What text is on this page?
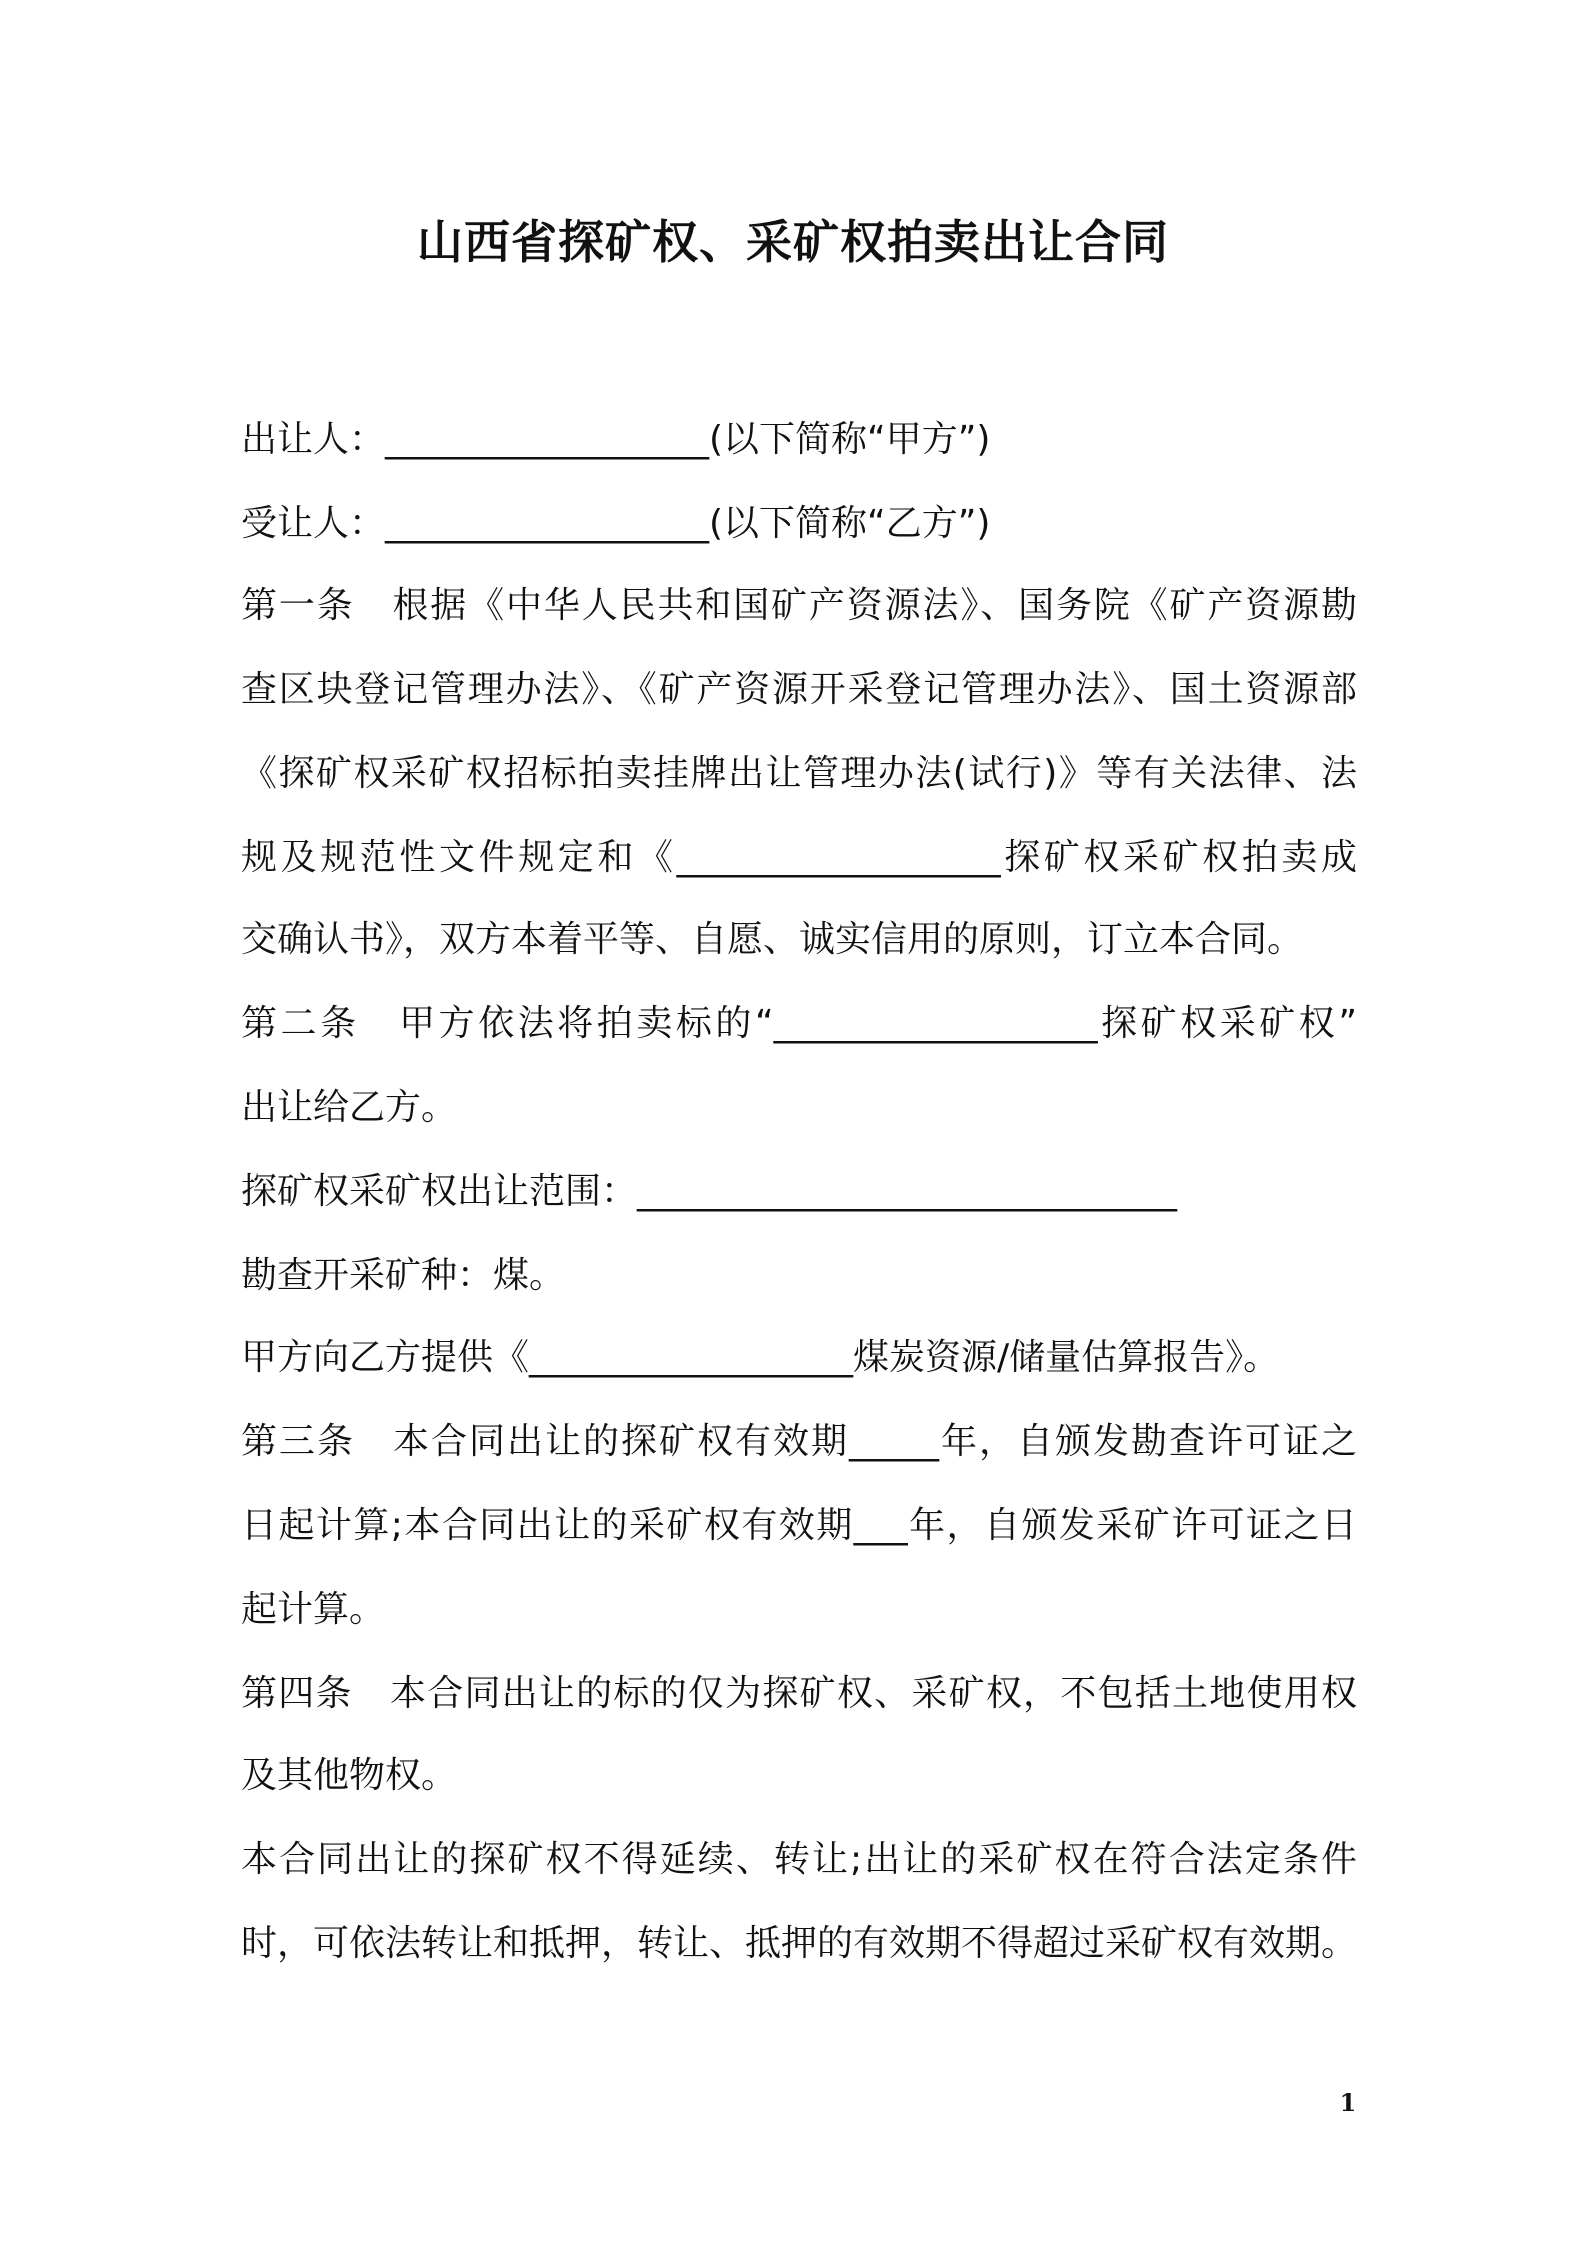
山西省探矿权、采矿权拍卖出让合同
出让人：__________________(以下简称“甲方”)
受让人：__________________(以下简称“乙方”)
第一条　根据《中华人民共和国矿产资源法》、国务院《矿产资源勘
查区块登记管理办法》、《矿产资源开采登记管理办法》、国土资源部
《探矿权采矿权招标拍卖挂牌出让管理办法(试行)》等有关法律、法
规及规范性文件规定和《__________________探矿权采矿权拍卖成
交确认书》，双方本着平等、自愿、诚实信用的原则，订立本合同。
第二条　甲方依法将拍卖标的“__________________探矿权采矿权”
出让给乙方。
探矿权采矿权出让范围：______________________________
勘查开采矿种：煤。
甲方向乙方提供《__________________煤炭资源/储量估算报告》。
第三条　本合同出让的探矿权有效期_____年，自颁发勘查许可证之
日起计算;本合同出让的采矿权有效期___年，自颁发采矿许可证之日
起计算。
第四条　本合同出让的标的仅为探矿权、采矿权，不包括土地使用权
及其他物权。
本合同出让的探矿权不得延续、转让;出让的采矿权在符合法定条件
时，可依法转让和抵押，转让、抵押的有效期不得超过采矿权有效期。
1
